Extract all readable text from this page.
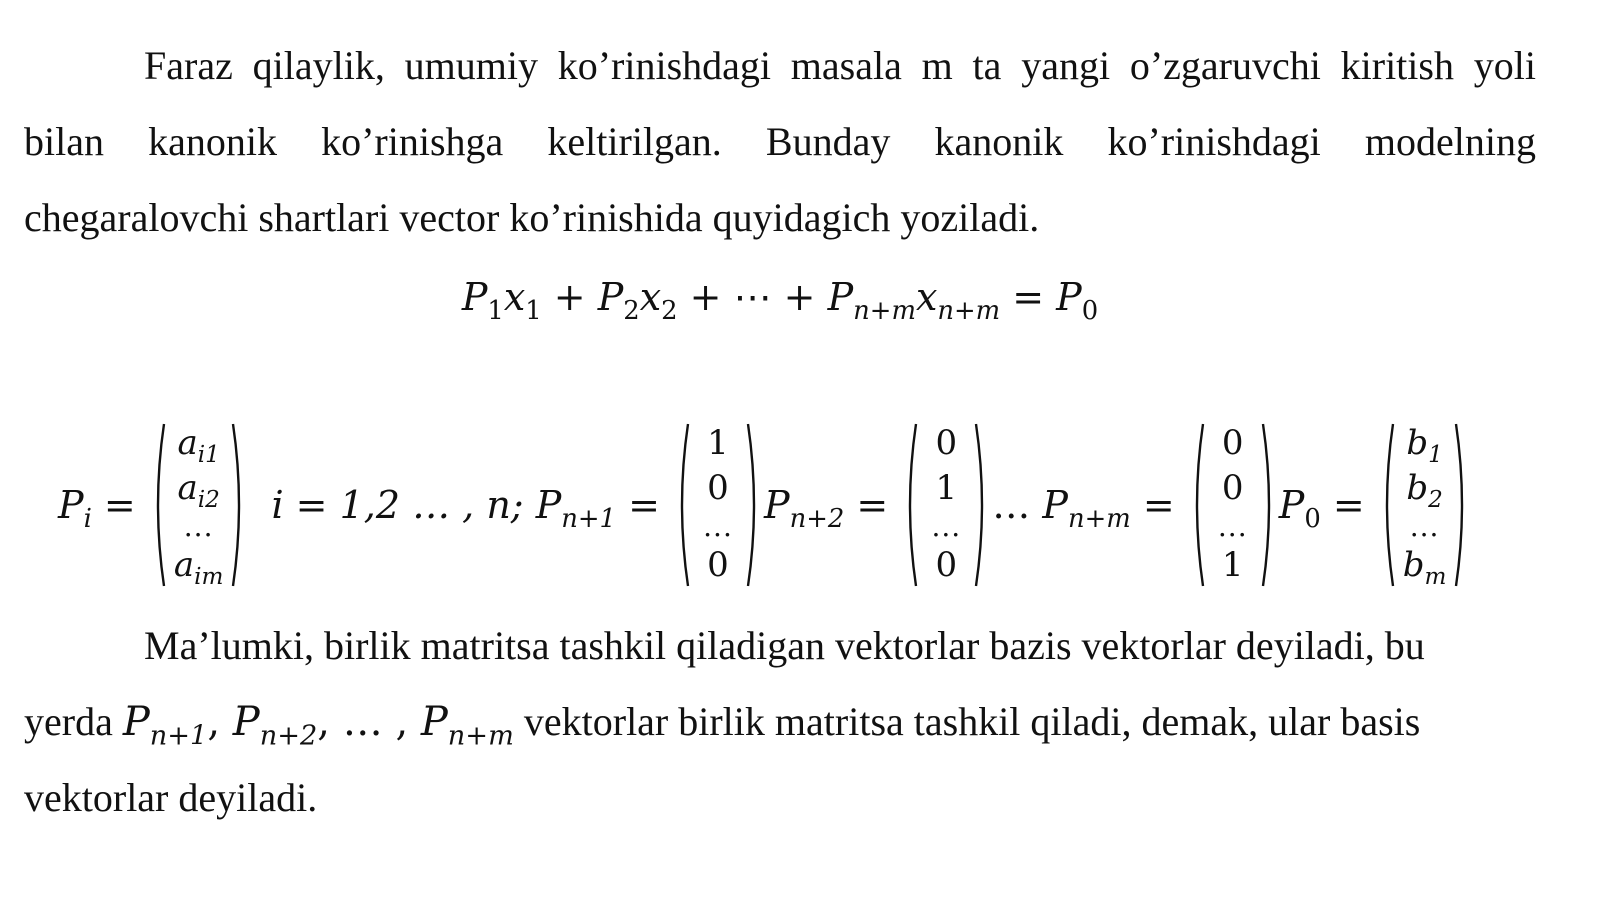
Faraz qilaylik, umumiy ko’rinishdagi masala m ta yangi o’zgaruvchi kiritish yoli
bilan kanonik ko’rinishga keltirilgan. Bunday kanonik ko’rinishdagi modelning
chegaralovchi shartlari vector ko’rinishida quyidagich yoziladi.
$P_1x_1 + P_2x_2$ + ⋯ + $P_{n+m}x_{n+m} = P_0$
$P_i$ =
$a_{i1}$
$a_{i2}$
...
$a_{im}$
i = 1,2 … , n; $P_{n+1}$ =
1
0
...
0
$P_{n+2}$ =
0
1
...
0
… $P_{n+m}$ =
0
0
...
1
$P_0$ =
$b_1$
$b_2$
...
$b_m$
Ma’lumki, birlik matritsa tashkil qiladigan vektorlar bazis vektorlar deyiladi, bu
yerda $P_{n+1}$, $P_{n+2}$, … , $P_{n+m}$ vektorlar birlik matritsa tashkil qiladi, demak, ular basis
vektorlar deyiladi.
